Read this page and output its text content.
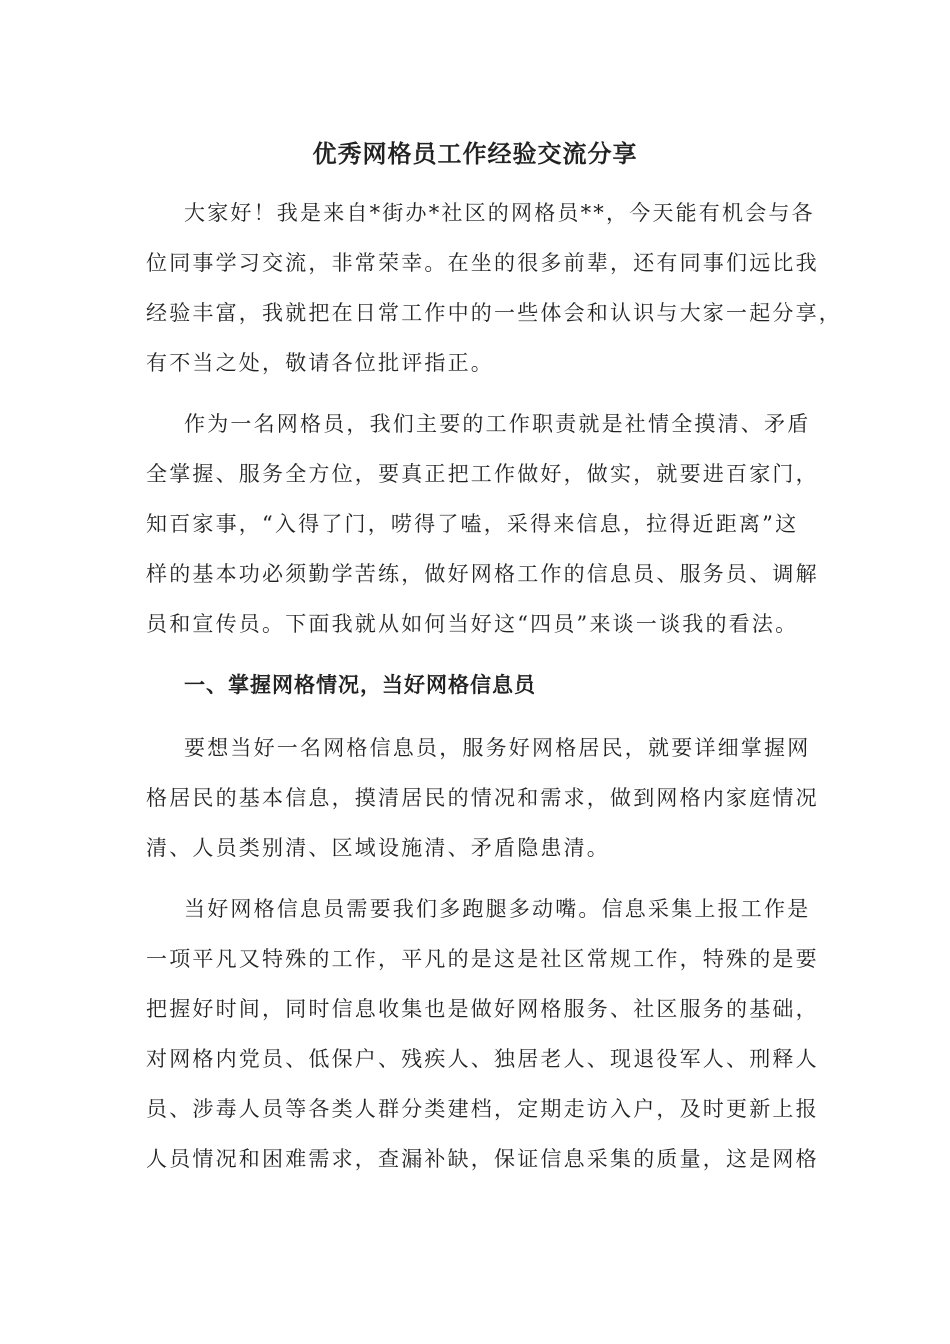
优秀网格员工作经验交流分享
大家好！我是来自*街办*社区的网格员**，今天能有机会与各
位同事学习交流，非常荣幸。在坐的很多前辈，还有同事们远比我
经验丰富，我就把在日常工作中的一些体会和认识与大家一起分享，
有不当之处，敬请各位批评指正。
作为一名网格员，我们主要的工作职责就是社情全摸清、矛盾
全掌握、服务全方位，要真正把工作做好，做实，就要进百家门，
知百家事，“入得了门，唠得了嗑，采得来信息，拉得近距离”这
样的基本功必须勤学苦练，做好网格工作的信息员、服务员、调解
员和宣传员。下面我就从如何当好这“四员”来谈一谈我的看法。
一、掌握网格情况，当好网格信息员
要想当好一名网格信息员，服务好网格居民，就要详细掌握网
格居民的基本信息，摸清居民的情况和需求，做到网格内家庭情况
清、人员类别清、区域设施清、矛盾隐患清。
当好网格信息员需要我们多跑腿多动嘴。信息采集上报工作是
一项平凡又特殊的工作，平凡的是这是社区常规工作，特殊的是要
把握好时间，同时信息收集也是做好网格服务、社区服务的基础，
对网格内党员、低保户、残疾人、独居老人、现退役军人、刑释人
员、涉毒人员等各类人群分类建档，定期走访入户，及时更新上报
人员情况和困难需求，查漏补缺，保证信息采集的质量，这是网格
